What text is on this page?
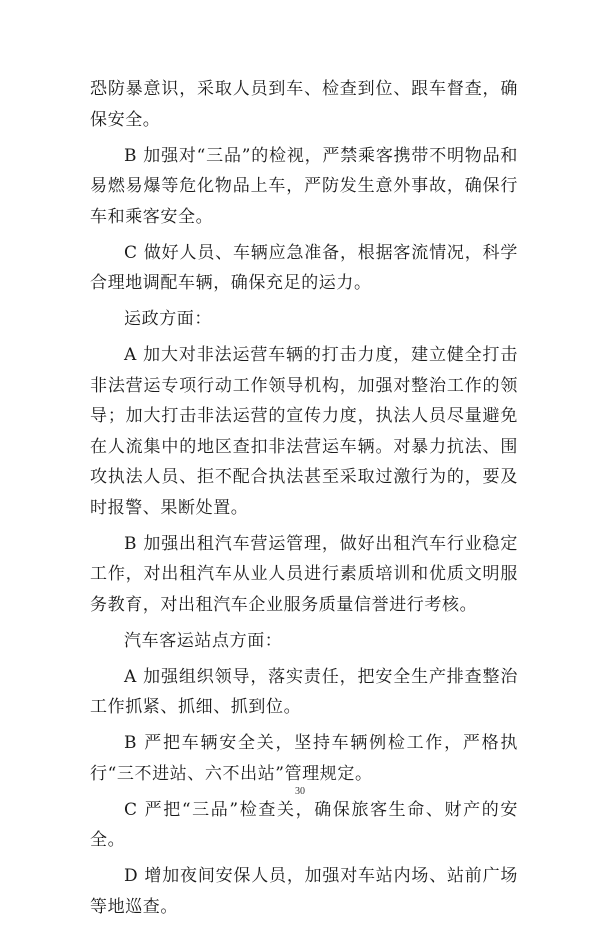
恐防暴意识，采取人员到车、检查到位、跟车督查，确保安全。

B 加强对“三品”的检视，严禁乘客携带不明物品和易燃易爆等危化物品上车，严防发生意外事故，确保行车和乘客安全。

C 做好人员、车辆应急准备，根据客流情况，科学合理地调配车辆，确保充足的运力。

运政方面：

A 加大对非法运营车辆的打击力度，建立健全打击非法营运专项行动工作领导机构，加强对整治工作的领导；加大打击非法运营的宣传力度，执法人员尽量避免在人流集中的地区查扣非法营运车辆。对暴力抗法、围攻执法人员、拒不配合执法甚至采取过激行为的，要及时报警、果断处置。

B 加强出租汽车营运管理，做好出租汽车行业稳定工作，对出租汽车从业人员进行素质培训和优质文明服务教育，对出租汽车企业服务质量信誉进行考核。

汽车客运站点方面：

A 加强组织领导，落实责任，把安全生产排查整治工作抓紧、抓细、抓到位。

B 严把车辆安全关，坚持车辆例检工作，严格执行“三不进站、六不出站”管理规定。

C 严把“三品”检查关，确保旅客生命、财产的安全。

D 增加夜间安保人员，加强对车站内场、站前广场等地巡查。

30
